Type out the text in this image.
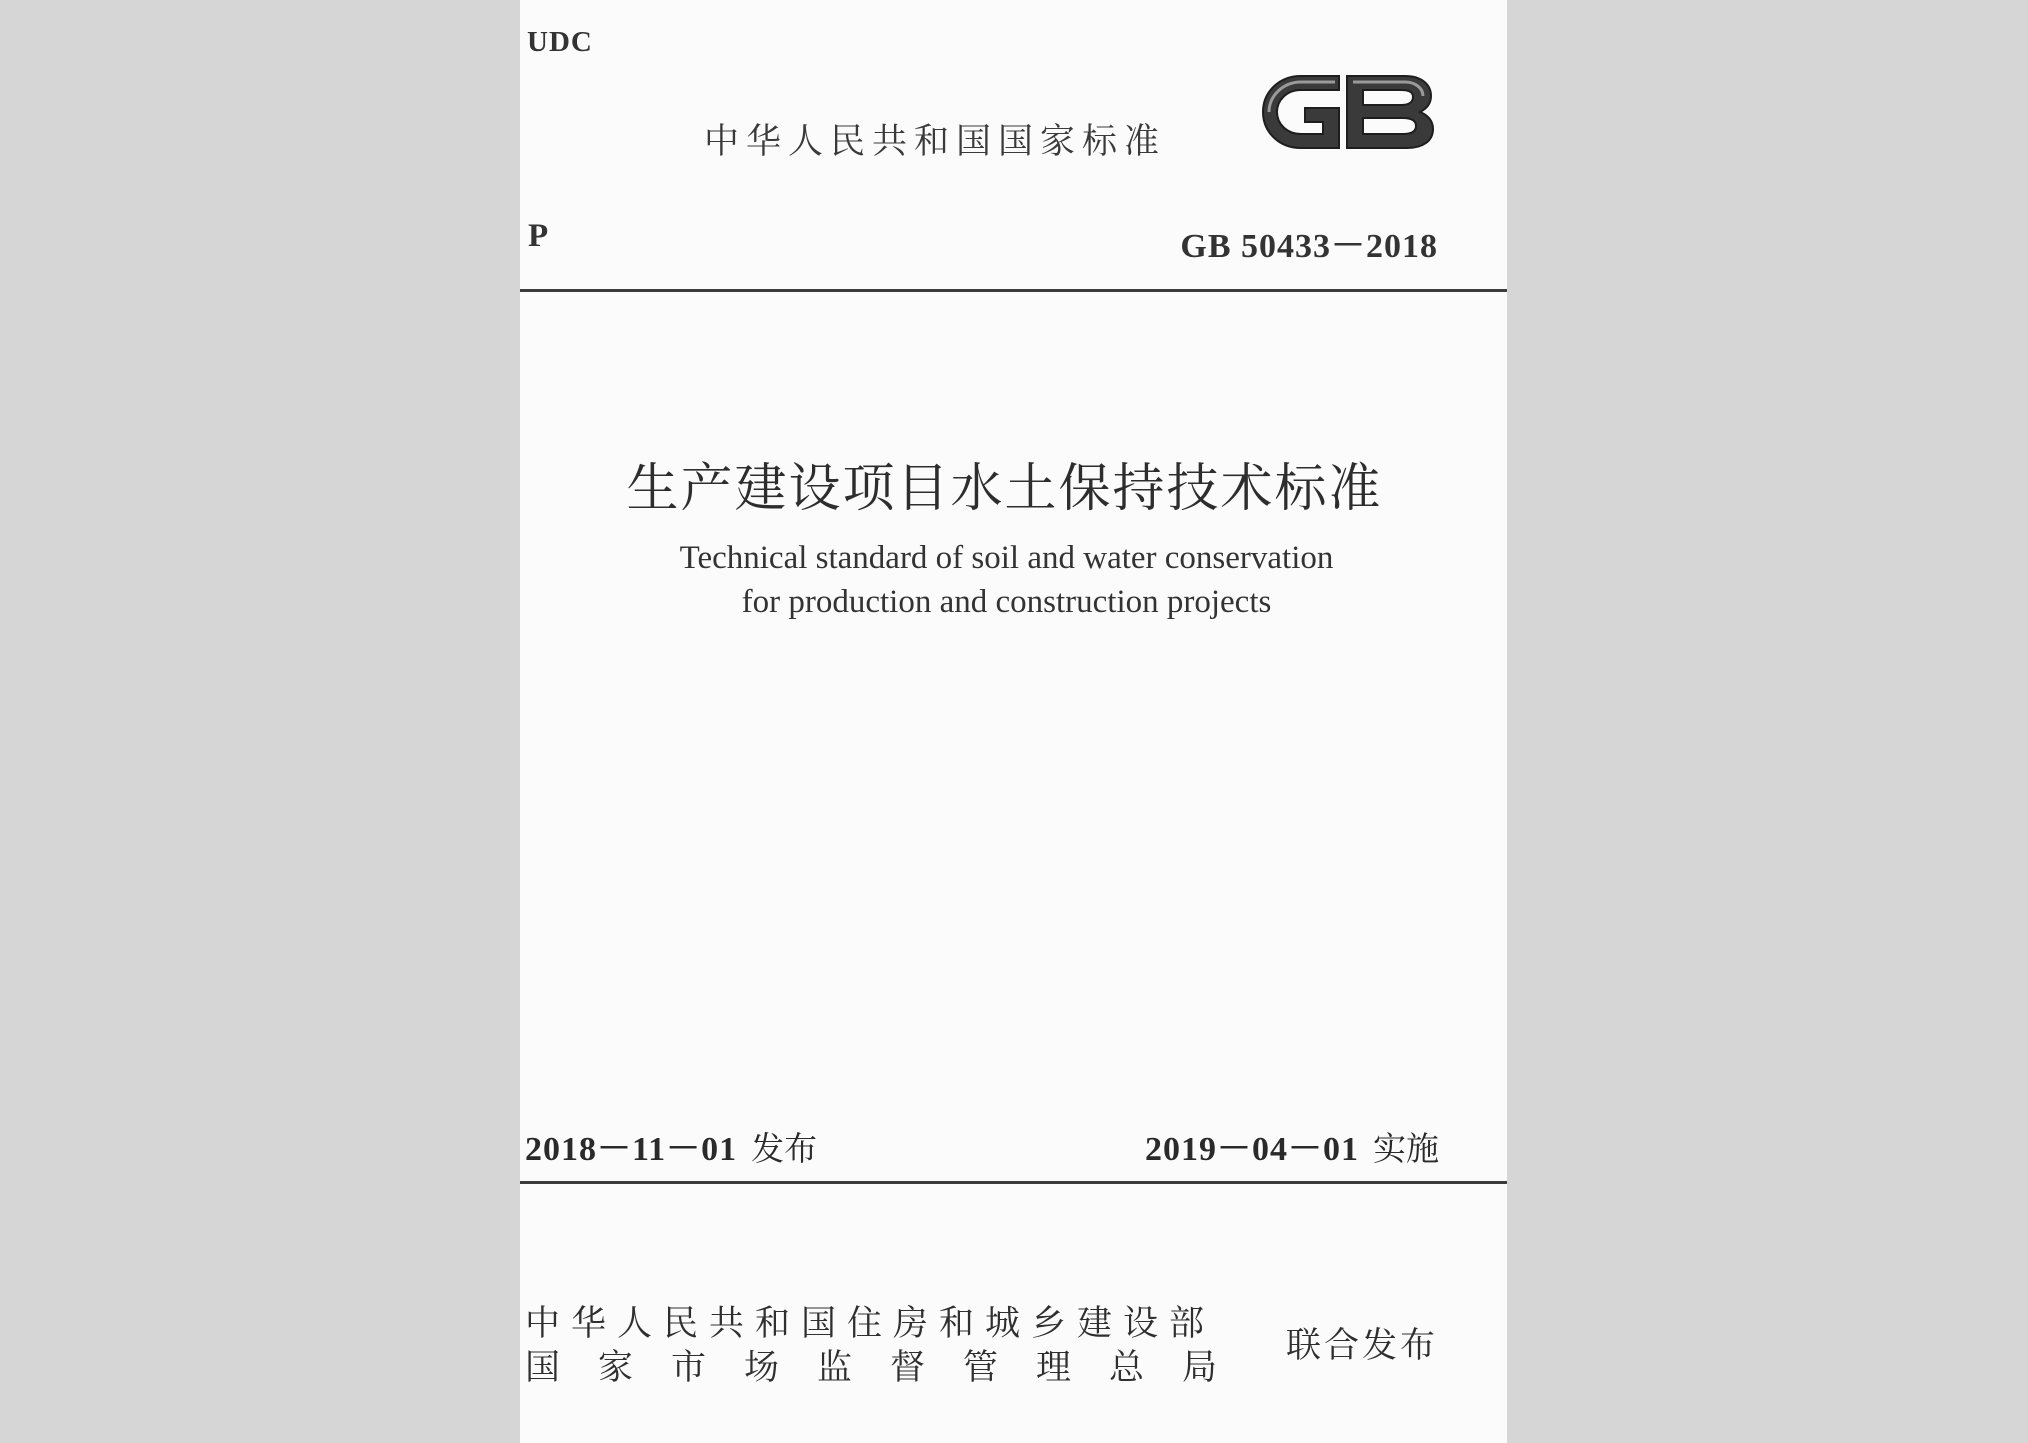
UDC
中华人民共和国国家标准
P	GB 50433－2018
生产建设项目水土保持技术标准
Technical standard of soil and water conservation
for production and construction projects
2018－11－01 发布	2019－04－01 实施
中华人民共和国住房和城乡建设部
国家市场监督管理总局
联合发布
